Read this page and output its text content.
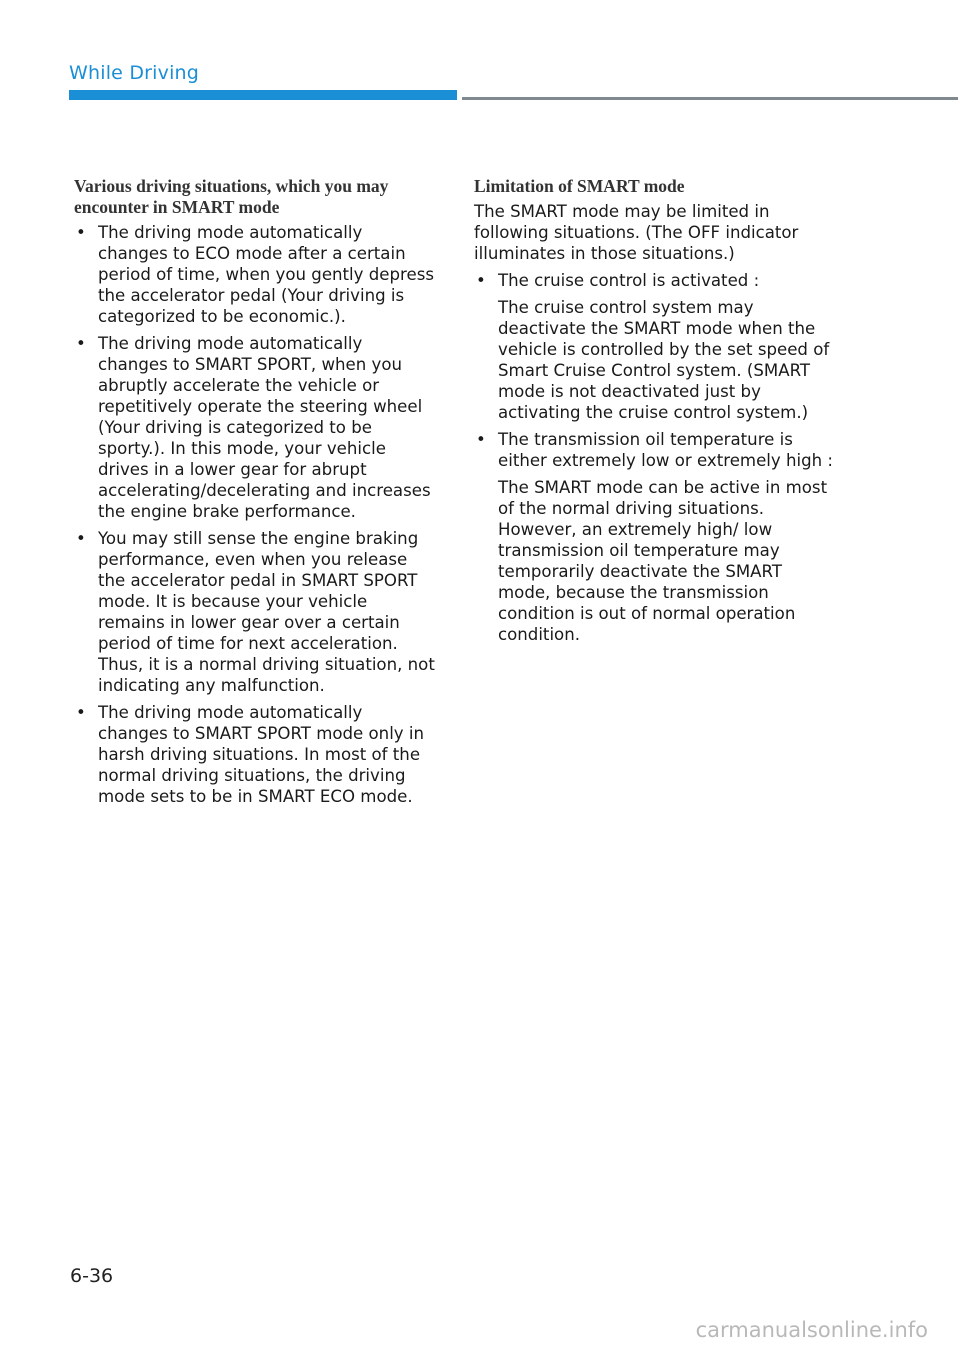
While Driving
Various driving situations, which you may encounter in SMART mode
• The driving mode automatically changes to ECO mode after a certain period of time, when you gently depress the accelerator pedal (Your driving is categorized to be economic.).
• The driving mode automatically changes to SMART SPORT, when you abruptly accelerate the vehicle or repetitively operate the steering wheel (Your driving is categorized to be sporty.). In this mode, your vehicle drives in a lower gear for abrupt accelerating/decelerating and increases the engine brake performance.
• You may still sense the engine braking performance, even when you release the accelerator pedal in SMART SPORT mode. It is because your vehicle remains in lower gear over a certain period of time for next acceleration. Thus, it is a normal driving situation, not indicating any malfunction.
• The driving mode automatically changes to SMART SPORT mode only in harsh driving situations. In most of the normal driving situations, the driving mode sets to be in SMART ECO mode.
Limitation of SMART mode

The SMART mode may be limited in following situations. (The OFF indicator illuminates in those situations.)

• The cruise control is activated :
The cruise control system may deactivate the SMART mode when the vehicle is controlled by the set speed of Smart Cruise Control system. (SMART mode is not deactivated just by activating the cruise control system.)
• The transmission oil temperature is either extremely low or extremely high :
The SMART mode can be active in most of the normal driving situations. However, an extremely high/ low transmission oil temperature may temporarily deactivate the SMART mode, because the transmission condition is out of normal operation condition.
6-36
carmanualsonline.info
